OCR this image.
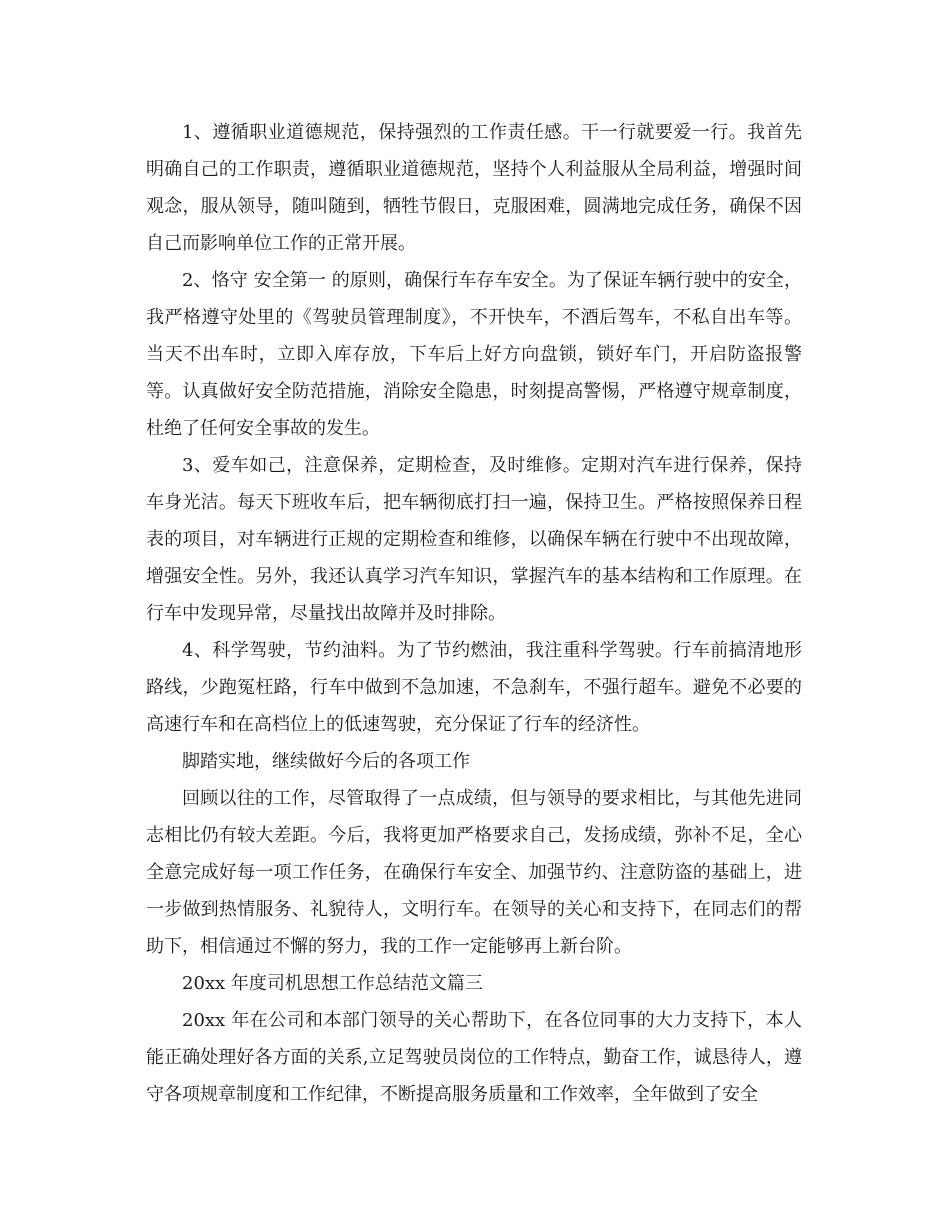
1、遵循职业道德规范，保持强烈的工作责任感。干一行就要爱一行。我首先明确自己的工作职责，遵循职业道德规范，坚持个人利益服从全局利益，增强时间观念，服从领导，随叫随到，牺牲节假日，克服困难，圆满地完成任务，确保不因自己而影响单位工作的正常开展。

2、恪守 安全第一 的原则，确保行车存车安全。为了保证车辆行驶中的安全，我严格遵守处里的《驾驶员管理制度》，不开快车，不酒后驾车，不私自出车等。当天不出车时，立即入库存放，下车后上好方向盘锁，锁好车门，开启防盗报警等。认真做好安全防范措施，消除安全隐患，时刻提高警惕，严格遵守规章制度，杜绝了任何安全事故的发生。

3、爱车如己，注意保养，定期检查，及时维修。定期对汽车进行保养，保持车身光洁。每天下班收车后，把车辆彻底打扫一遍，保持卫生。严格按照保养日程表的项目，对车辆进行正规的定期检查和维修，以确保车辆在行驶中不出现故障，增强安全性。另外，我还认真学习汽车知识，掌握汽车的基本结构和工作原理。在行车中发现异常，尽量找出故障并及时排除。

4、科学驾驶，节约油料。为了节约燃油，我注重科学驾驶。行车前搞清地形路线，少跑冤枉路，行车中做到不急加速，不急刹车，不强行超车。避免不必要的高速行车和在高档位上的低速驾驶，充分保证了行车的经济性。

脚踏实地，继续做好今后的各项工作

回顾以往的工作，尽管取得了一点成绩，但与领导的要求相比，与其他先进同志相比仍有较大差距。今后，我将更加严格要求自己，发扬成绩，弥补不足，全心全意完成好每一项工作任务，在确保行车安全、加强节约、注意防盗的基础上，进一步做到热情服务、礼貌待人，文明行车。在领导的关心和支持下，在同志们的帮助下，相信通过不懈的努力，我的工作一定能够再上新台阶。

20xx 年度司机思想工作总结范文篇三

20xx 年在公司和本部门领导的关心帮助下，在各位同事的大力支持下，本人能正确处理好各方面的关系,立足驾驶员岗位的工作特点，勤奋工作，诚恳待人，遵守各项规章制度和工作纪律，不断提高服务质量和工作效率，全年做到了安全
